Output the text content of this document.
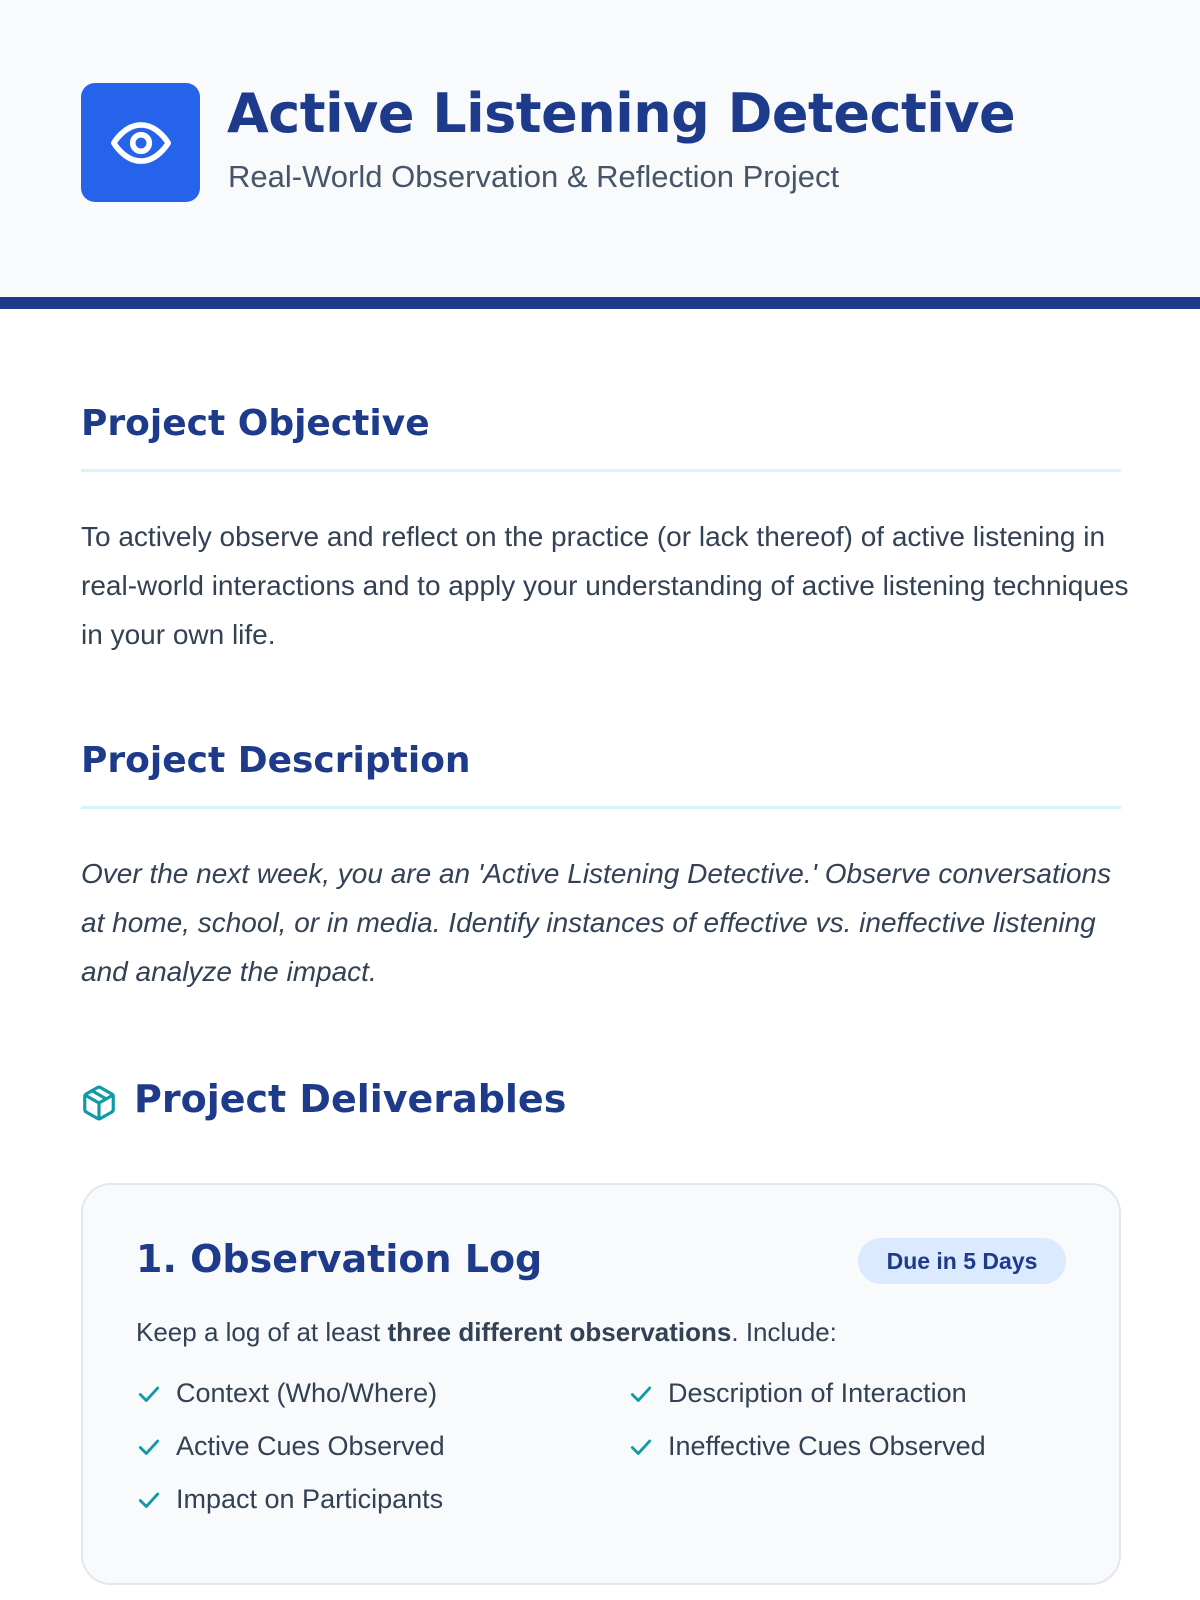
Active Listening Detective
Real-World Observation & Reflection Project
Project Objective
To actively observe and reflect on the practice (or lack thereof) of active listening in real-world interactions and to apply your understanding of active listening techniques in your own life.
Project Description
Over the next week, you are an 'Active Listening Detective.' Observe conversations at home, school, or in media. Identify instances of effective vs. ineffective listening and analyze the impact.
Project Deliverables
1. Observation Log	Due in 5 Days
Keep a log of at least three different observations. Include:
Context (Who/Where)	Description of Interaction
Active Cues Observed	Ineffective Cues Observed
Impact on Participants
